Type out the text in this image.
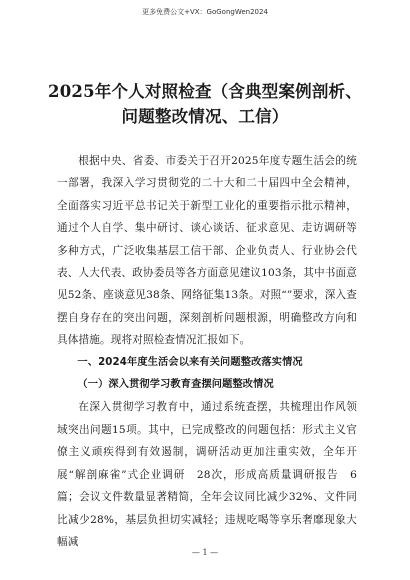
更多免费公文+VX：GoGongWen2024
2025年个人对照检查（含典型案例剖析、
问题整改情况、工信）

根据中央、省委、市委关于召开2025年度专题生活会的统一部署，我深入学习贯彻党的二十大和二十届四中全会精神，全面落实习近平总书记关于新型工业化的重要指示批示精神，通过个人自学、集中研讨、谈心谈话、征求意见、走访调研等多种方式，广泛收集基层工信干部、企业负责人、行业协会代表、人大代表、政协委员等各方面意见建议103条，其中书面意见52条、座谈意见38条、网络征集13条。对照“”要求，深入查摆自身存在的突出问题，深刻剖析问题根源，明确整改方向和具体措施。现将对照检查情况汇报如下。

一、2024年度生活会以来有关问题整改落实情况

（一）深入贯彻学习教育查摆问题整改情况

在深入贯彻学习教育中，通过系统查摆，共梳理出作风领域突出问题15项。其中，已完成整改的问题包括：形式主义官僚主义顽疾得到有效遏制，调研活动更加注重实效，全年开展“解剖麻雀”式企业调研　28次，形成高质量调研报告　6篇；会议文件数量显著精简，全年会议同比减少32%、文件同比减少28%，基层负担切实减轻；违规吃喝等享乐奢靡现象大幅减

— 1 —
